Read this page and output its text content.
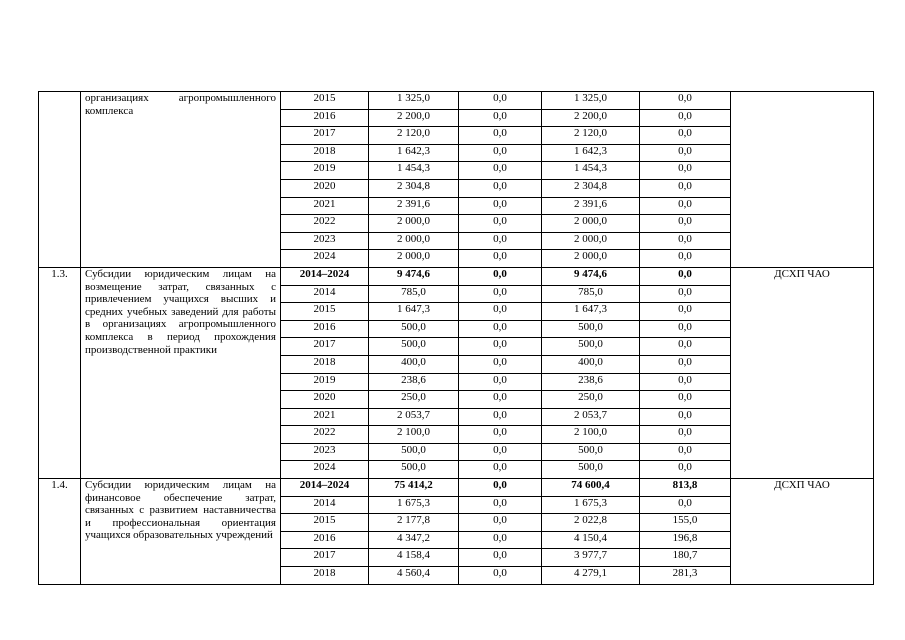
	организациях агропромышленного комплекса	2015	1 325,0	0,0	1 325,0	0,0	
		2016	2 200,0	0,0	2 200,0	0,0	
		2017	2 120,0	0,0	2 120,0	0,0	
		2018	1 642,3	0,0	1 642,3	0,0	
		2019	1 454,3	0,0	1 454,3	0,0	
		2020	2 304,8	0,0	2 304,8	0,0	
		2021	2 391,6	0,0	2 391,6	0,0	
		2022	2 000,0	0,0	2 000,0	0,0	
		2023	2 000,0	0,0	2 000,0	0,0	
		2024	2 000,0	0,0	2 000,0	0,0	
1.3.	Субсидии юридическим лицам на возмещение затрат, связанных с привлечением учащихся высших и средних учебных заведений для работы в организациях агропромышленного комплекса в период прохождения производственной практики	2014–2024	9 474,6	0,0	9 474,6	0,0	ДСХП ЧАО
		2014	785,0	0,0	785,0	0,0	
		2015	1 647,3	0,0	1 647,3	0,0	
		2016	500,0	0,0	500,0	0,0	
		2017	500,0	0,0	500,0	0,0	
		2018	400,0	0,0	400,0	0,0	
		2019	238,6	0,0	238,6	0,0	
		2020	250,0	0,0	250,0	0,0	
		2021	2 053,7	0,0	2 053,7	0,0	
		2022	2 100,0	0,0	2 100,0	0,0	
		2023	500,0	0,0	500,0	0,0	
		2024	500,0	0,0	500,0	0,0	
1.4.	Субсидии юридическим лицам на финансовое обеспечение затрат, связанных с развитием наставничества и профессиональная ориентация учащихся образовательных учреждений	2014–2024	75 414,2	0,0	74 600,4	813,8	ДСХП ЧАО
		2014	1 675,3	0,0	1 675,3	0,0	
		2015	2 177,8	0,0	2 022,8	155,0	
		2016	4 347,2	0,0	4 150,4	196,8	
		2017	4 158,4	0,0	3 977,7	180,7	
		2018	4 560,4	0,0	4 279,1	281,3	
